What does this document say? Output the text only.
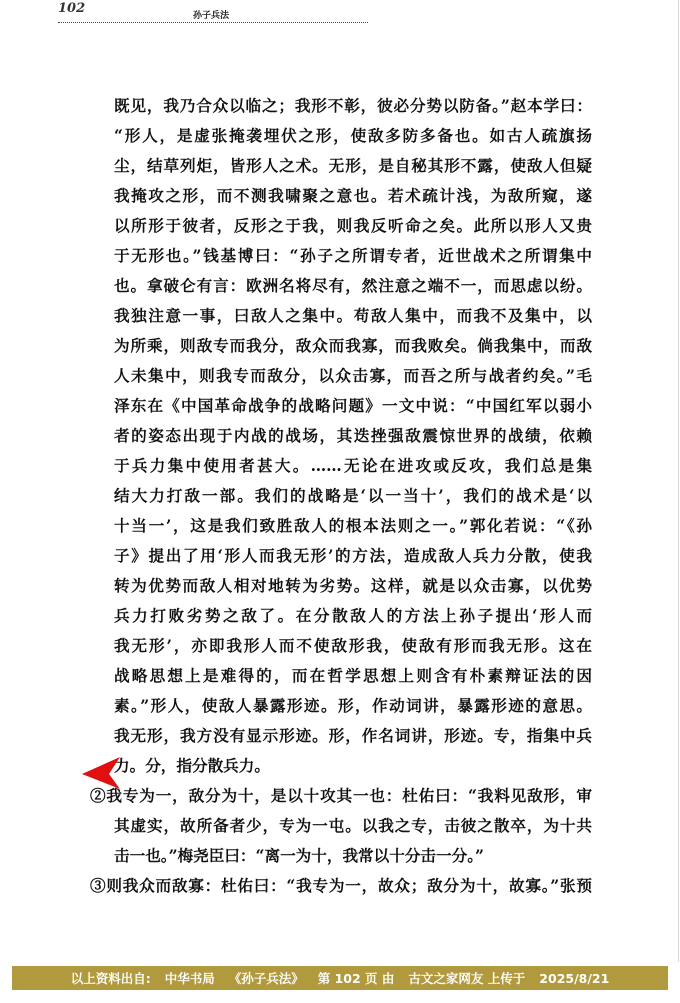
102	孙子兵法
既见，我乃合众以临之；我形不彰，彼必分势以防备。”赵本学曰：
“形人，是虚张掩袭埋伏之形，使敌多防多备也。如古人疏旗扬
尘，结草列炬，皆形人之术。无形，是自秘其形不露，使敌人但疑
我掩攻之形，而不测我啸聚之意也。若术疏计浅，为敌所窥，遂
以所形于彼者，反形之于我，则我反听命之矣。此所以形人又贵
于无形也。”钱基博曰：“孙子之所谓专者，近世战术之所谓集中
也。拿破仑有言：欧洲名将尽有，然注意之端不一，而思虑以纷。
我独注意一事，曰敌人之集中。苟敌人集中，而我不及集中，以
为所乘，则敌专而我分，敌众而我寡，而我败矣。倘我集中，而敌
人未集中，则我专而敌分，以众击寡，而吾之所与战者约矣。”毛
泽东在《中国革命战争的战略问题》一文中说：“中国红军以弱小
者的姿态出现于内战的战场，其迭挫强敌震惊世界的战绩，依赖
于兵力集中使用者甚大。……无论在进攻或反攻，我们总是集
结大力打敌一部。我们的战略是‘以一当十’，我们的战术是‘以
十当一’，这是我们致胜敌人的根本法则之一。”郭化若说：“《孙
子》提出了用‘形人而我无形’的方法，造成敌人兵力分散，使我
转为优势而敌人相对地转为劣势。这样，就是以众击寡，以优势
兵力打败劣势之敌了。在分散敌人的方法上孙子提出‘形人而
我无形’，亦即我形人而不使敌形我，使敌有形而我无形。这在
战略思想上是难得的，而在哲学思想上则含有朴素辩证法的因
素。”形人，使敌人暴露形迹。形，作动词讲，暴露形迹的意思。
我无形，我方没有显示形迹。形，作名词讲，形迹。专，指集中兵
力。分，指分散兵力。
②我专为一，敌分为十，是以十攻其一也：杜佑曰：“我料见敌形，审
其虚实，故所备者少，专为一屯。以我之专，击彼之散卒，为十共
击一也。”梅尧臣曰：“离一为十，我常以十分击一分。”
③则我众而敌寡：杜佑曰：“我专为一，故众；敌分为十，故寡。”张预
以上资料出自: 中华书局 《孙子兵法》 第 102 页 由 古文之家网友 上传于 2025/8/21
